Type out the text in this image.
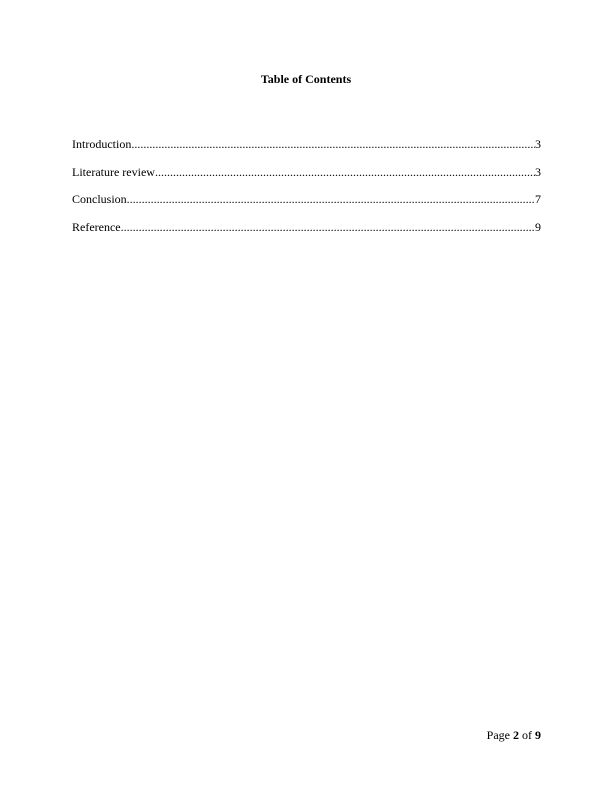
Table of Contents
Introduction .....	3
Literature review .....	3
Conclusion .....	7
Reference .....	9
Page 2 of 9
